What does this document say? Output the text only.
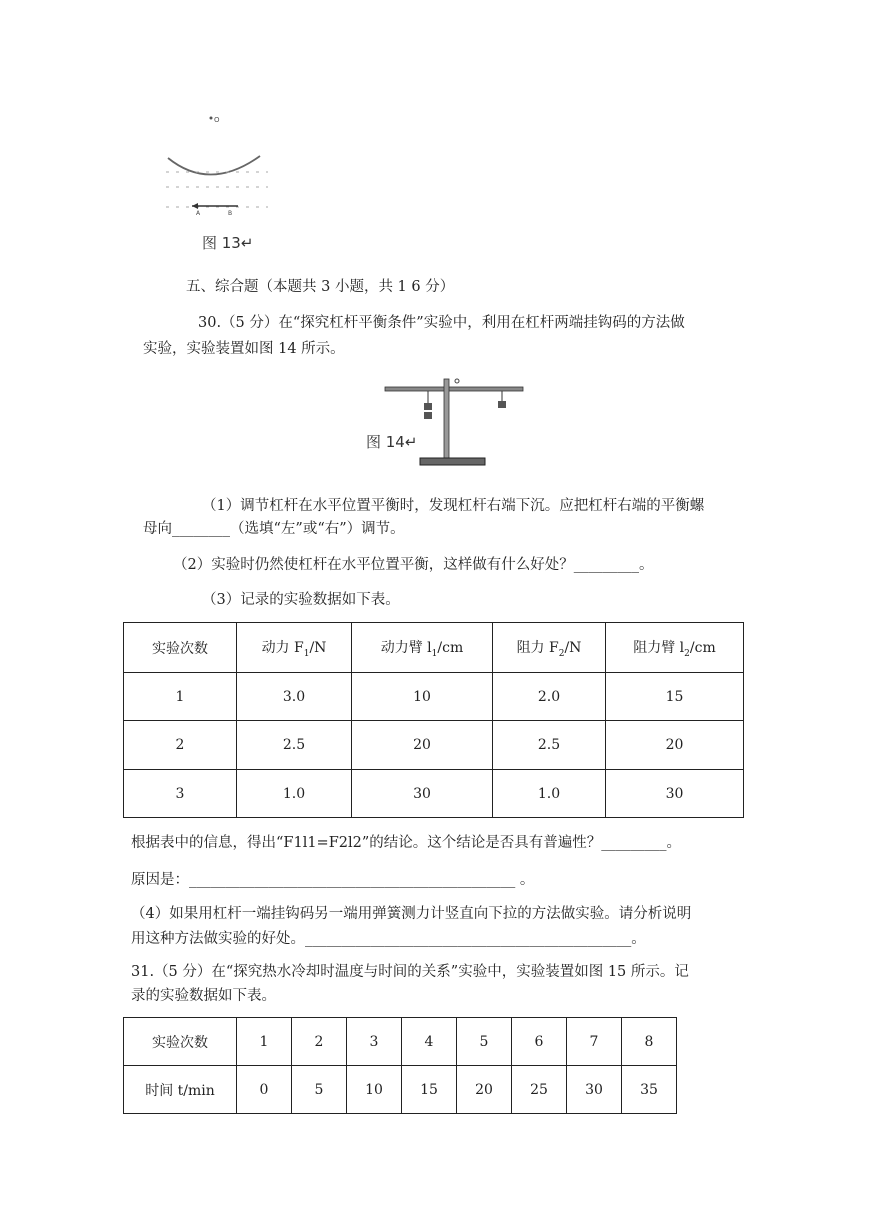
O
A	B
图 13↵
五、综合题（本题共 3 小题，共 1 6 分）
30.（5 分）在“探究杠杆平衡条件”实验中，利用在杠杆两端挂钩码的方法做
实验，实验装置如图 14 所示。
图 14↵
（1）调节杠杆在水平位置平衡时，发现杠杆右端下沉。应把杠杆右端的平衡螺
母向________（选填“左”或“右”）调节。
（2）实验时仍然使杠杆在水平位置平衡，这样做有什么好处？_________。
（3）记录的实验数据如下表。
实验次数	动力 $F_1/N$	动力臂 $l_1/cm$	阻力 $F_2/N$	阻力臂 $l_2/cm$
1	3.0	10	2.0	15
2	2.5	20	2.5	20
3	1.0	30	1.0	30
根据表中的信息，得出“F1l1=F2l2”的结论。这个结论是否具有普遍性？_________。
原因是：_____________________________________________ 。
（4）如果用杠杆一端挂钩码另一端用弹簧测力计竖直向下拉的方法做实验。请分析说明
用这种方法做实验的好处。_____________________________________________。
31.（5 分）在“探究热水冷却时温度与时间的关系”实验中，实验装置如图 15 所示。记
录的实验数据如下表。
实验次数	1	2	3	4	5	6	7	8
时间 t/min	0	5	10	15	20	25	30	35
